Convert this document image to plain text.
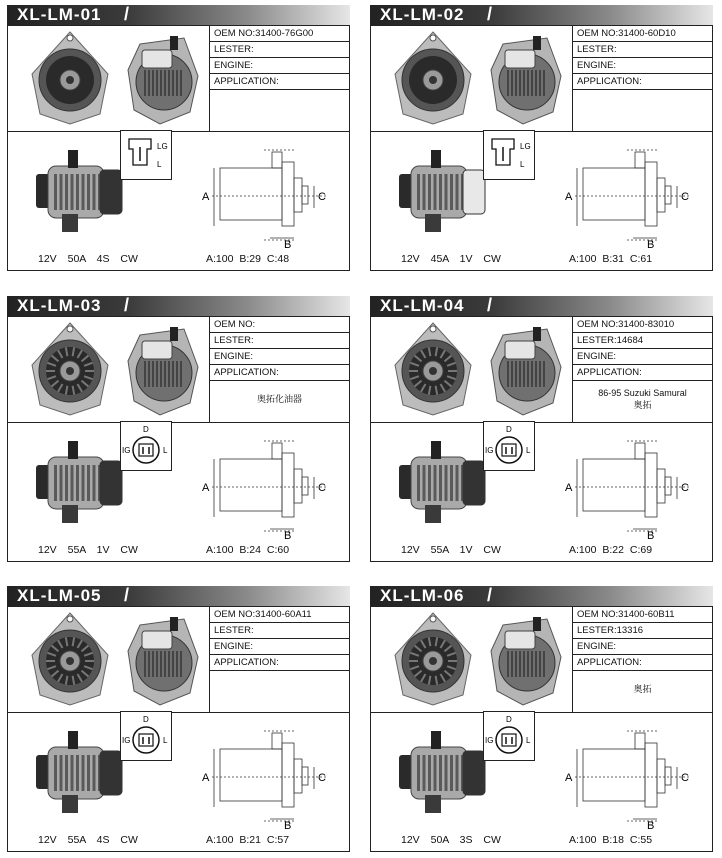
XL-LM-01 /
OEM NO:31400-76G00
LESTER:
ENGINE:
APPLICATION:
LG
L
A	C
B
12V 50A 4S CW	A:100 B:29 C:48
XL-LM-02 /
OEM NO:31400-60D10
LESTER:
ENGINE:
APPLICATION:
LG
L
A	C
B
12V 45A 1V CW	A:100 B:31 C:61
XL-LM-03 /
OEM NO:
LESTER:
ENGINE:
APPLICATION:
奥拓化油器
D
IG	L
A	C
B
12V 55A 1V CW	A:100 B:24 C:60
XL-LM-04 /
OEM NO:31400-83010
LESTER:14684
ENGINE:
APPLICATION:
86-95 Suzuki Samural
奥拓
D
IG	L
A	C
B
12V 55A 1V CW	A:100 B:22 C:69
XL-LM-05 /
OEM NO:31400-60A11
LESTER:
ENGINE:
APPLICATION:
D
IG	L
A	C
B
12V 55A 4S CW	A:100 B:21 C:57
XL-LM-06 /
OEM NO:31400-60B11
LESTER:13316
ENGINE:
APPLICATION:
奥拓
D
IG	L
A	C
B
12V 50A 3S CW	A:100 B:18 C:55
